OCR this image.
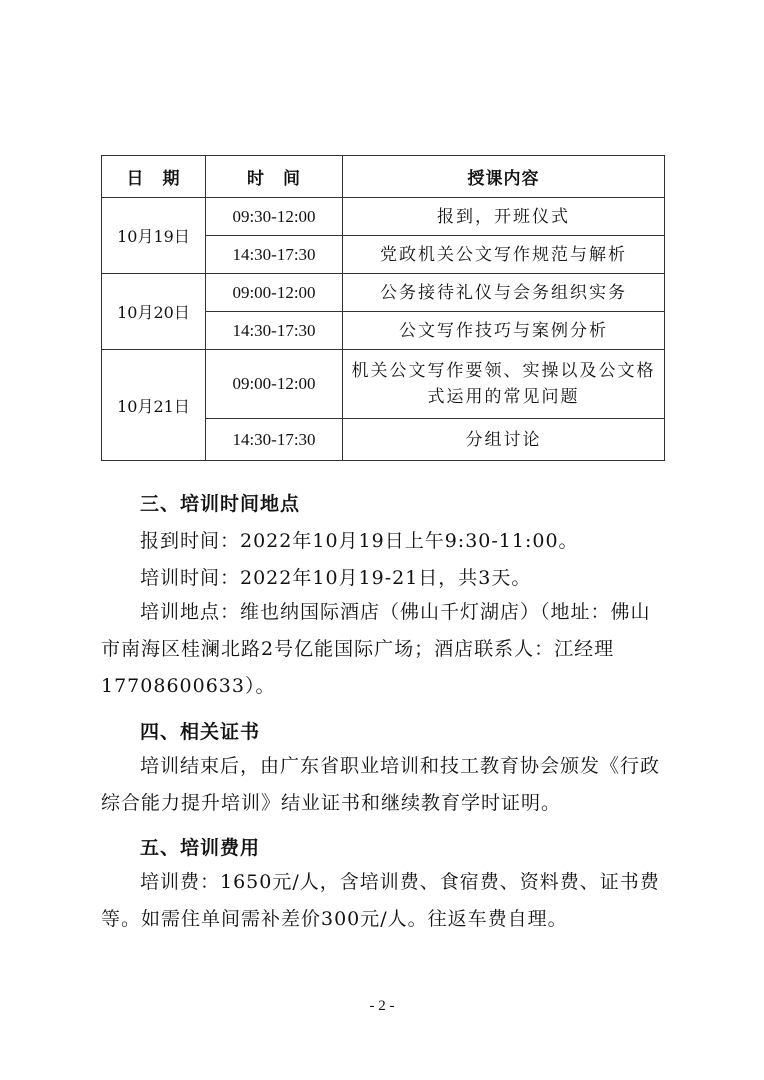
日　期	时　间	授课内容
10月19日	09:30-12:00	报到，开班仪式
	14:30-17:30	党政机关公文写作规范与解析
10月20日	09:00-12:00	公务接待礼仪与会务组织实务
	14:30-17:30	公文写作技巧与案例分析
10月21日	09:00-12:00	机关公文写作要领、实操以及公文格式运用的常见问题
	14:30-17:30	分组讨论
三、培训时间地点
报到时间：2022年10月19日上午9:30-11:00。
培训时间：2022年10月19-21日，共3天。
培训地点：维也纳国际酒店（佛山千灯湖店）（地址：佛山市南海区桂澜北路2号亿能国际广场；酒店联系人：江经理17708600633）。
四、相关证书
培训结束后，由广东省职业培训和技工教育协会颁发《行政综合能力提升培训》结业证书和继续教育学时证明。
五、培训费用
培训费：1650元/人，含培训费、食宿费、资料费、证书费等。如需住单间需补差价300元/人。往返车费自理。
- 2 -
